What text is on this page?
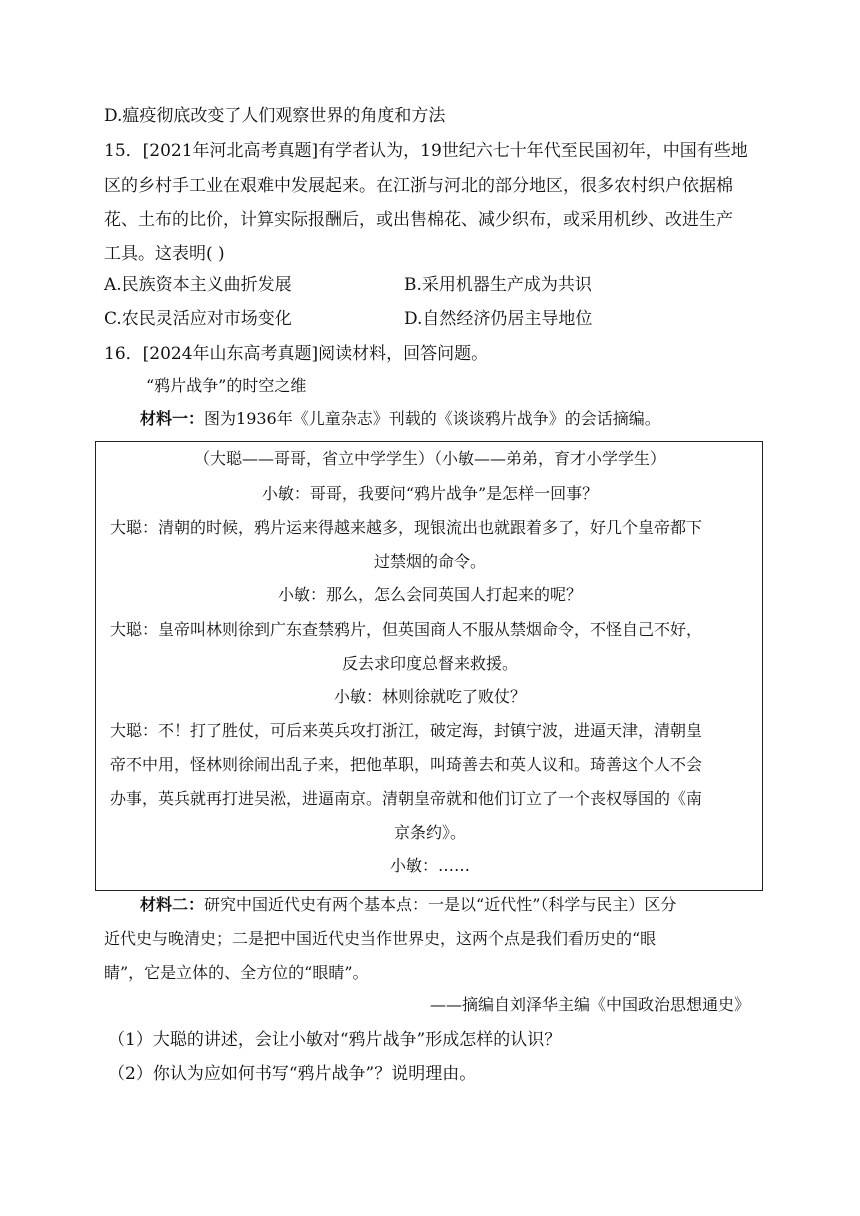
D.瘟疫彻底改变了人们观察世界的角度和方法
15．[2021年河北高考真题]有学者认为，19世纪六七十年代至民国初年，中国有些地
区的乡村手工业在艰难中发展起来。在江浙与河北的部分地区，很多农村织户依据棉
花、土布的比价，计算实际报酬后，或出售棉花、减少织布，或采用机纱、改进生产
工具。这表明( )
A.民族资本主义曲折发展	B.采用机器生产成为共识
C.农民灵活应对市场变化	D.自然经济仍居主导地位
16．[2024年山东高考真题]阅读材料，回答问题。
“鸦片战争”的时空之维
材料一：图为1936年《儿童杂志》刊载的《谈谈鸦片战争》的会话摘编。
（大聪——哥哥，省立中学学生）（小敏——弟弟，育才小学学生）
小敏：哥哥，我要问“鸦片战争”是怎样一回事？
大聪：清朝的时候，鸦片运来得越来越多，现银流出也就跟着多了，好几个皇帝都下
过禁烟的命令。
小敏：那么，怎么会同英国人打起来的呢？
大聪：皇帝叫林则徐到广东查禁鸦片，但英国商人不服从禁烟命令，不怪自己不好，
反去求印度总督来救援。
小敏：林则徐就吃了败仗？
大聪：不！打了胜仗，可后来英兵攻打浙江，破定海，封镇宁波，进逼天津，清朝皇
帝不中用，怪林则徐闹出乱子来，把他革职，叫琦善去和英人议和。琦善这个人不会
办事，英兵就再打进吴淞，进逼南京。清朝皇帝就和他们订立了一个丧权辱国的《南
京条约》。
小敏：……
材料二：研究中国近代史有两个基本点：一是以“近代性”（科学与民主）区分
近代史与晚清史；二是把中国近代史当作世界史，这两个点是我们看历史的“眼
睛”，它是立体的、全方位的“眼睛”。
——摘编自刘泽华主编《中国政治思想通史》
（1）大聪的讲述，会让小敏对“鸦片战争”形成怎样的认识？
（2）你认为应如何书写“鸦片战争”？说明理由。
